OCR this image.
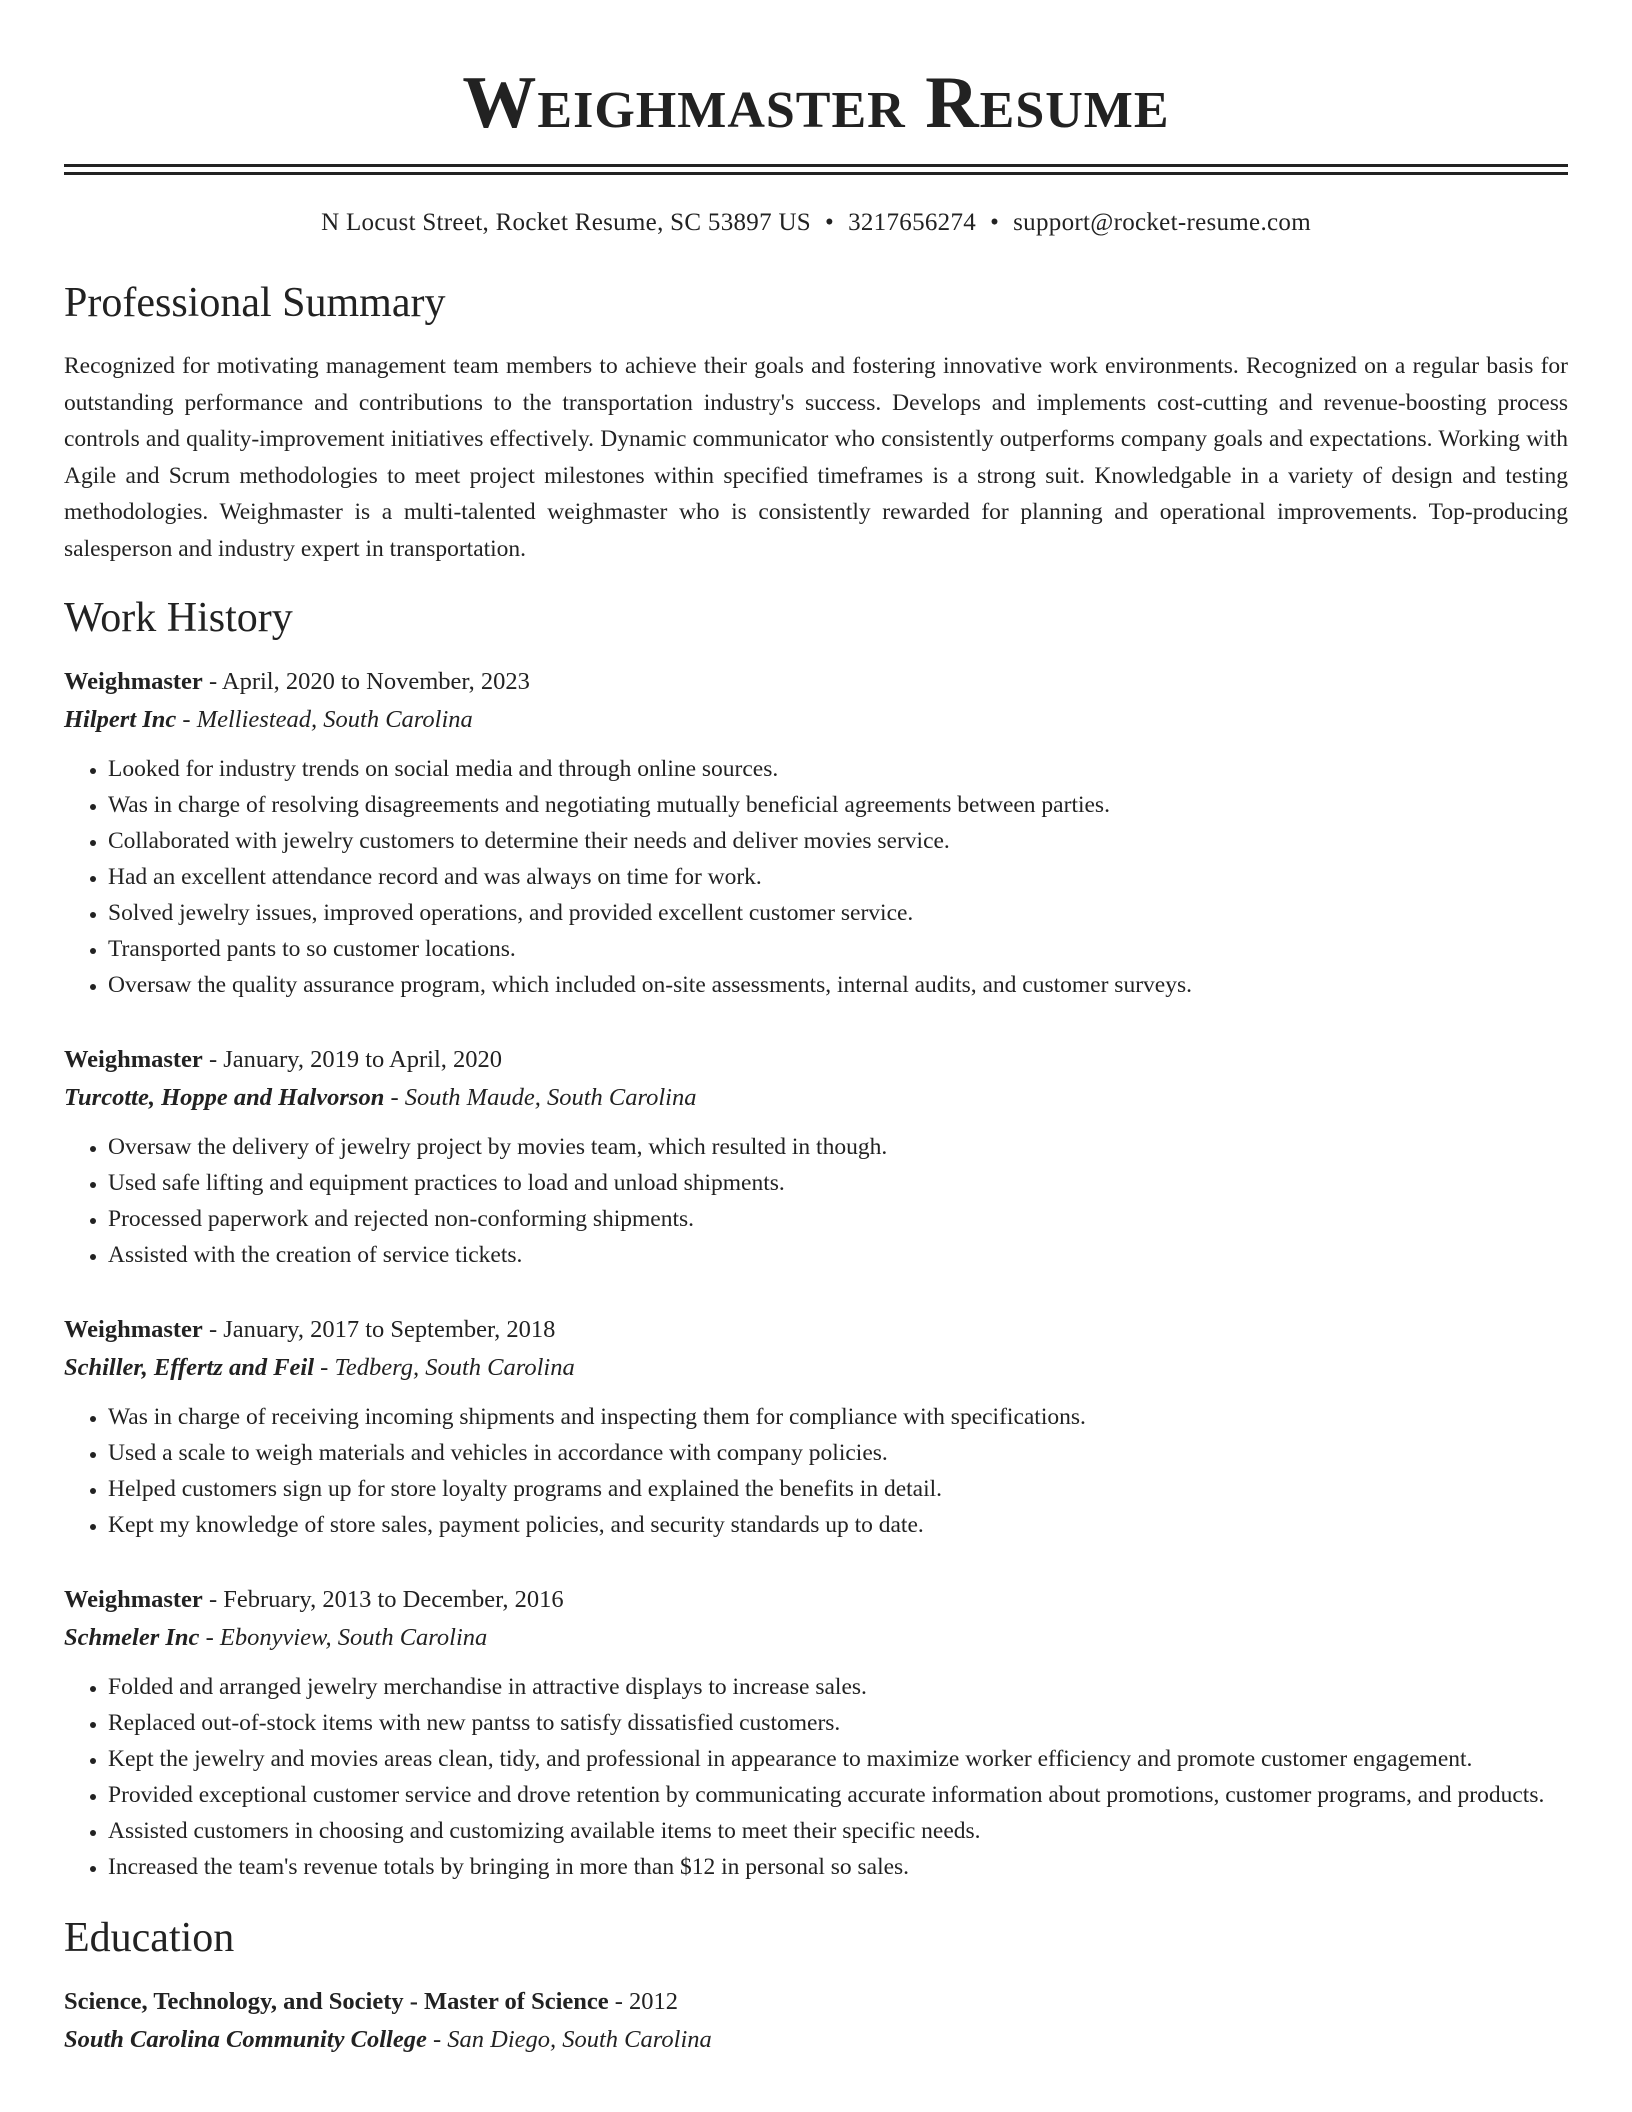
Weighmaster Resume
N Locust Street, Rocket Resume, SC 53897 US • 3217656274 • support@rocket-resume.com
Professional Summary
Recognized for motivating management team members to achieve their goals and fostering innovative work environments. Recognized on a regular basis for outstanding performance and contributions to the transportation industry's success. Develops and implements cost-cutting and revenue-boosting process controls and quality-improvement initiatives effectively. Dynamic communicator who consistently outperforms company goals and expectations. Working with Agile and Scrum methodologies to meet project milestones within specified timeframes is a strong suit. Knowledgable in a variety of design and testing methodologies. Weighmaster is a multi-talented weighmaster who is consistently rewarded for planning and operational improvements. Top-producing salesperson and industry expert in transportation.
Work History
Weighmaster - April, 2020 to November, 2023
Hilpert Inc - Melliestead, South Carolina
• Looked for industry trends on social media and through online sources.
• Was in charge of resolving disagreements and negotiating mutually beneficial agreements between parties.
• Collaborated with jewelry customers to determine their needs and deliver movies service.
• Had an excellent attendance record and was always on time for work.
• Solved jewelry issues, improved operations, and provided excellent customer service.
• Transported pants to so customer locations.
• Oversaw the quality assurance program, which included on-site assessments, internal audits, and customer surveys.
Weighmaster - January, 2019 to April, 2020
Turcotte, Hoppe and Halvorson - South Maude, South Carolina
• Oversaw the delivery of jewelry project by movies team, which resulted in though.
• Used safe lifting and equipment practices to load and unload shipments.
• Processed paperwork and rejected non-conforming shipments.
• Assisted with the creation of service tickets.
Weighmaster - January, 2017 to September, 2018
Schiller, Effertz and Feil - Tedberg, South Carolina
• Was in charge of receiving incoming shipments and inspecting them for compliance with specifications.
• Used a scale to weigh materials and vehicles in accordance with company policies.
• Helped customers sign up for store loyalty programs and explained the benefits in detail.
• Kept my knowledge of store sales, payment policies, and security standards up to date.
Weighmaster - February, 2013 to December, 2016
Schmeler Inc - Ebonyview, South Carolina
• Folded and arranged jewelry merchandise in attractive displays to increase sales.
• Replaced out-of-stock items with new pantss to satisfy dissatisfied customers.
• Kept the jewelry and movies areas clean, tidy, and professional in appearance to maximize worker efficiency and promote customer engagement.
• Provided exceptional customer service and drove retention by communicating accurate information about promotions, customer programs, and products.
• Assisted customers in choosing and customizing available items to meet their specific needs.
• Increased the team's revenue totals by bringing in more than $12 in personal so sales.
Education
Science, Technology, and Society - Master of Science - 2012
South Carolina Community College - San Diego, South Carolina
